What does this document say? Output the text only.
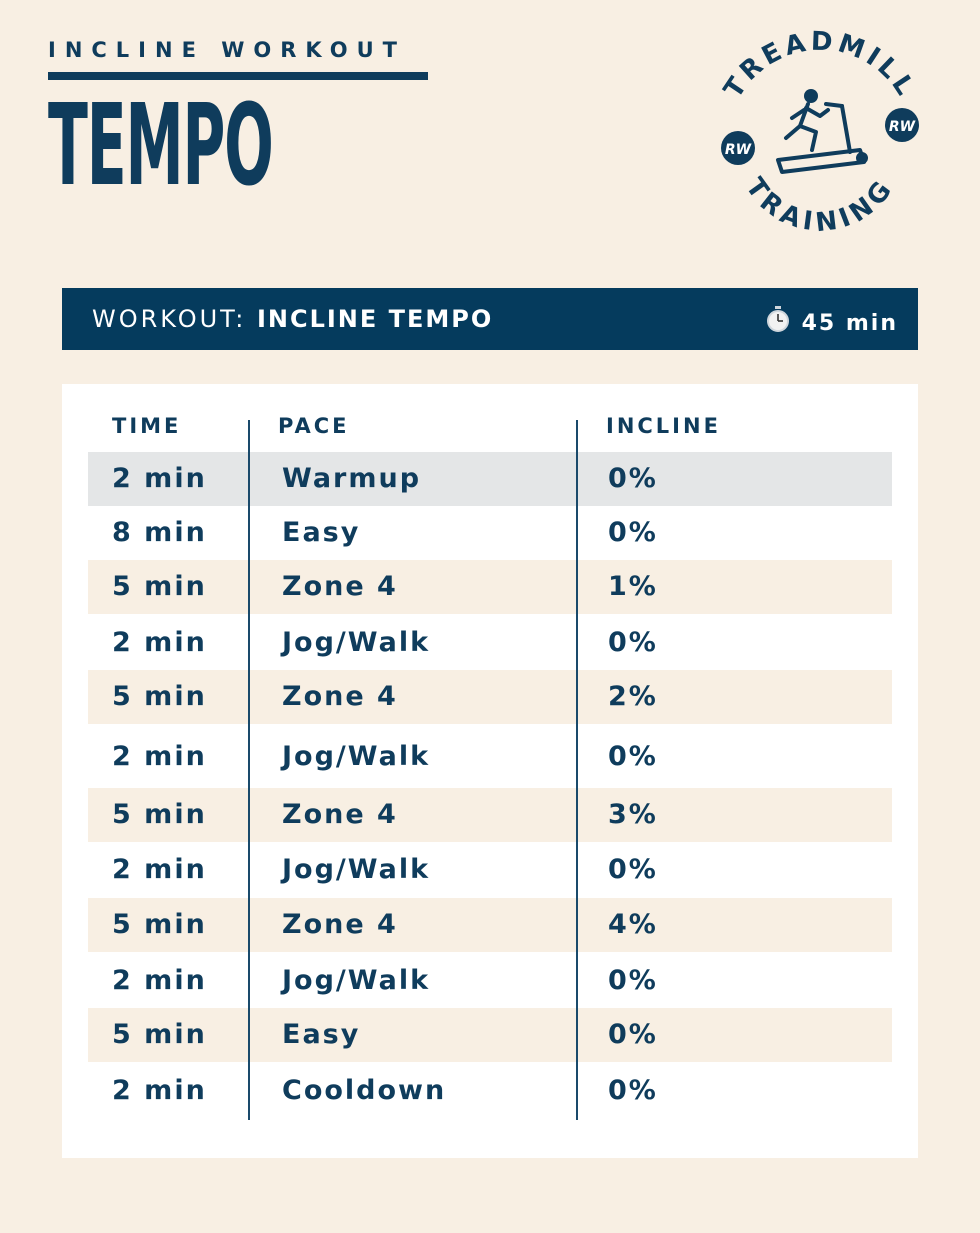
INCLINE WORKOUT
TEMPO	TREADMILL
TRAINING
RW
RW
WORKOUT: INCLINE TEMPO	45 min
TIME	PACE	INCLINE
2 min	Warmup	0%
8 min	Easy	0%
5 min	Zone 4	1%
2 min	Jog/Walk	0%
5 min	Zone 4	2%
2 min	Jog/Walk	0%
5 min	Zone 4	3%
2 min	Jog/Walk	0%
5 min	Zone 4	4%
2 min	Jog/Walk	0%
5 min	Easy	0%
2 min	Cooldown	0%
